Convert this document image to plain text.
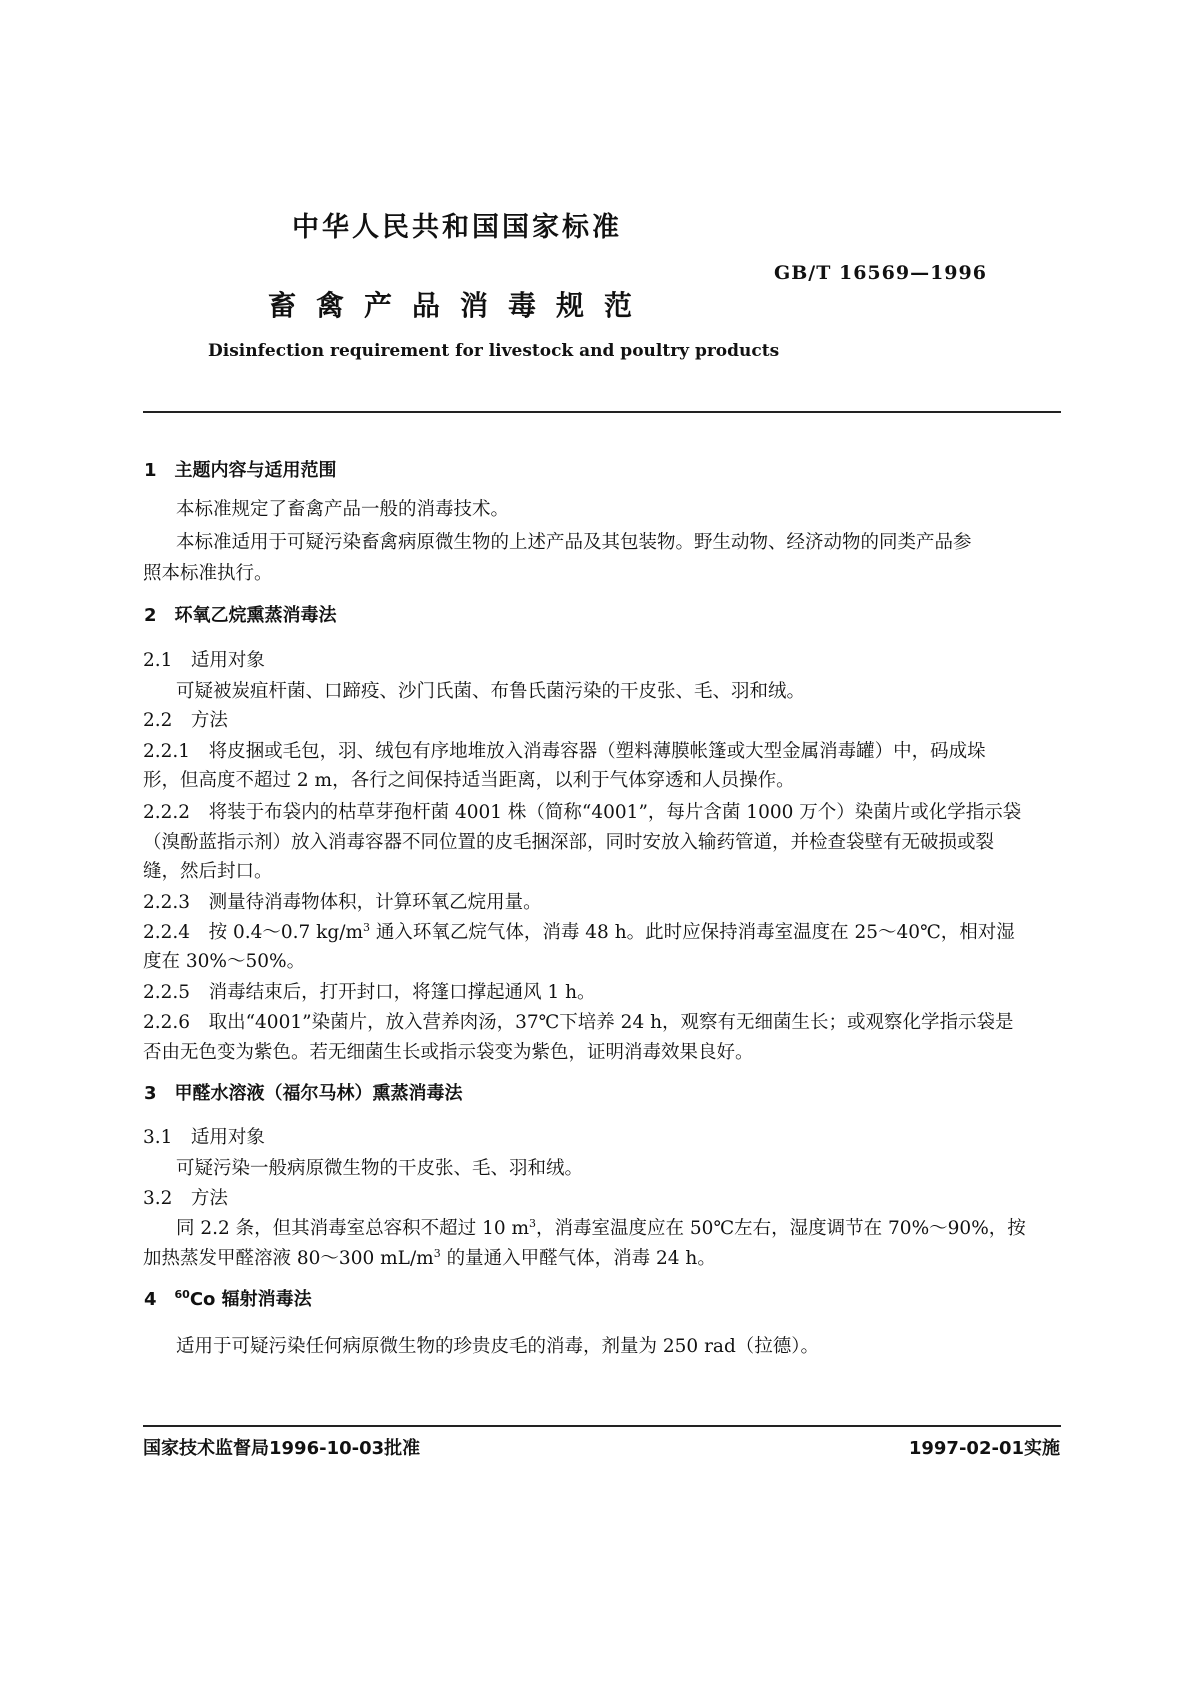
中华人民共和国国家标准
GB/T 16569—1996
畜禽产品消毒规范
Disinfection requirement for livestock and poultry products
1　主题内容与适用范围
本标准规定了畜禽产品一般的消毒技术。
本标准适用于可疑污染畜禽病原微生物的上述产品及其包装物。野生动物、经济动物的同类产品参
照本标准执行。
2　环氧乙烷熏蒸消毒法
2.1　适用对象
可疑被炭疽杆菌、口蹄疫、沙门氏菌、布鲁氏菌污染的干皮张、毛、羽和绒。
2.2　方法
2.2.1　将皮捆或毛包，羽、绒包有序地堆放入消毒容器（塑料薄膜帐篷或大型金属消毒罐）中，码成垛
形，但高度不超过 2 m，各行之间保持适当距离，以利于气体穿透和人员操作。
2.2.2　将装于布袋内的枯草芽孢杆菌 4001 株（简称“4001”，每片含菌 1000 万个）染菌片或化学指示袋
（溴酚蓝指示剂）放入消毒容器不同位置的皮毛捆深部，同时安放入输药管道，并检查袋壁有无破损或裂
缝，然后封口。
2.2.3　测量待消毒物体积，计算环氧乙烷用量。
2.2.4　按 0.4～0.7 $kg/m^3$ 通入环氧乙烷气体，消毒 48 h。此时应保持消毒室温度在 25～40℃，相对湿
度在 30%～50%。
2.2.5　消毒结束后，打开封口，将篷口撑起通风 1 h。
2.2.6　取出“4001”染菌片，放入营养肉汤，37℃下培养 24 h，观察有无细菌生长；或观察化学指示袋是
否由无色变为紫色。若无细菌生长或指示袋变为紫色，证明消毒效果良好。
3　甲醛水溶液（福尔马林）熏蒸消毒法
3.1　适用对象
可疑污染一般病原微生物的干皮张、毛、羽和绒。
3.2　方法
同 2.2 条，但其消毒室总容积不超过 10 $m^3$，消毒室温度应在 50℃左右，湿度调节在 70%～90%，按
加热蒸发甲醛溶液 80～300 $mL/m^3$ 的量通入甲醛气体，消毒 24 h。
4　$^{60}$Co 辐射消毒法
适用于可疑污染任何病原微生物的珍贵皮毛的消毒，剂量为 250 rad（拉德）。
国家技术监督局1996-10-03批准	1997-02-01实施
